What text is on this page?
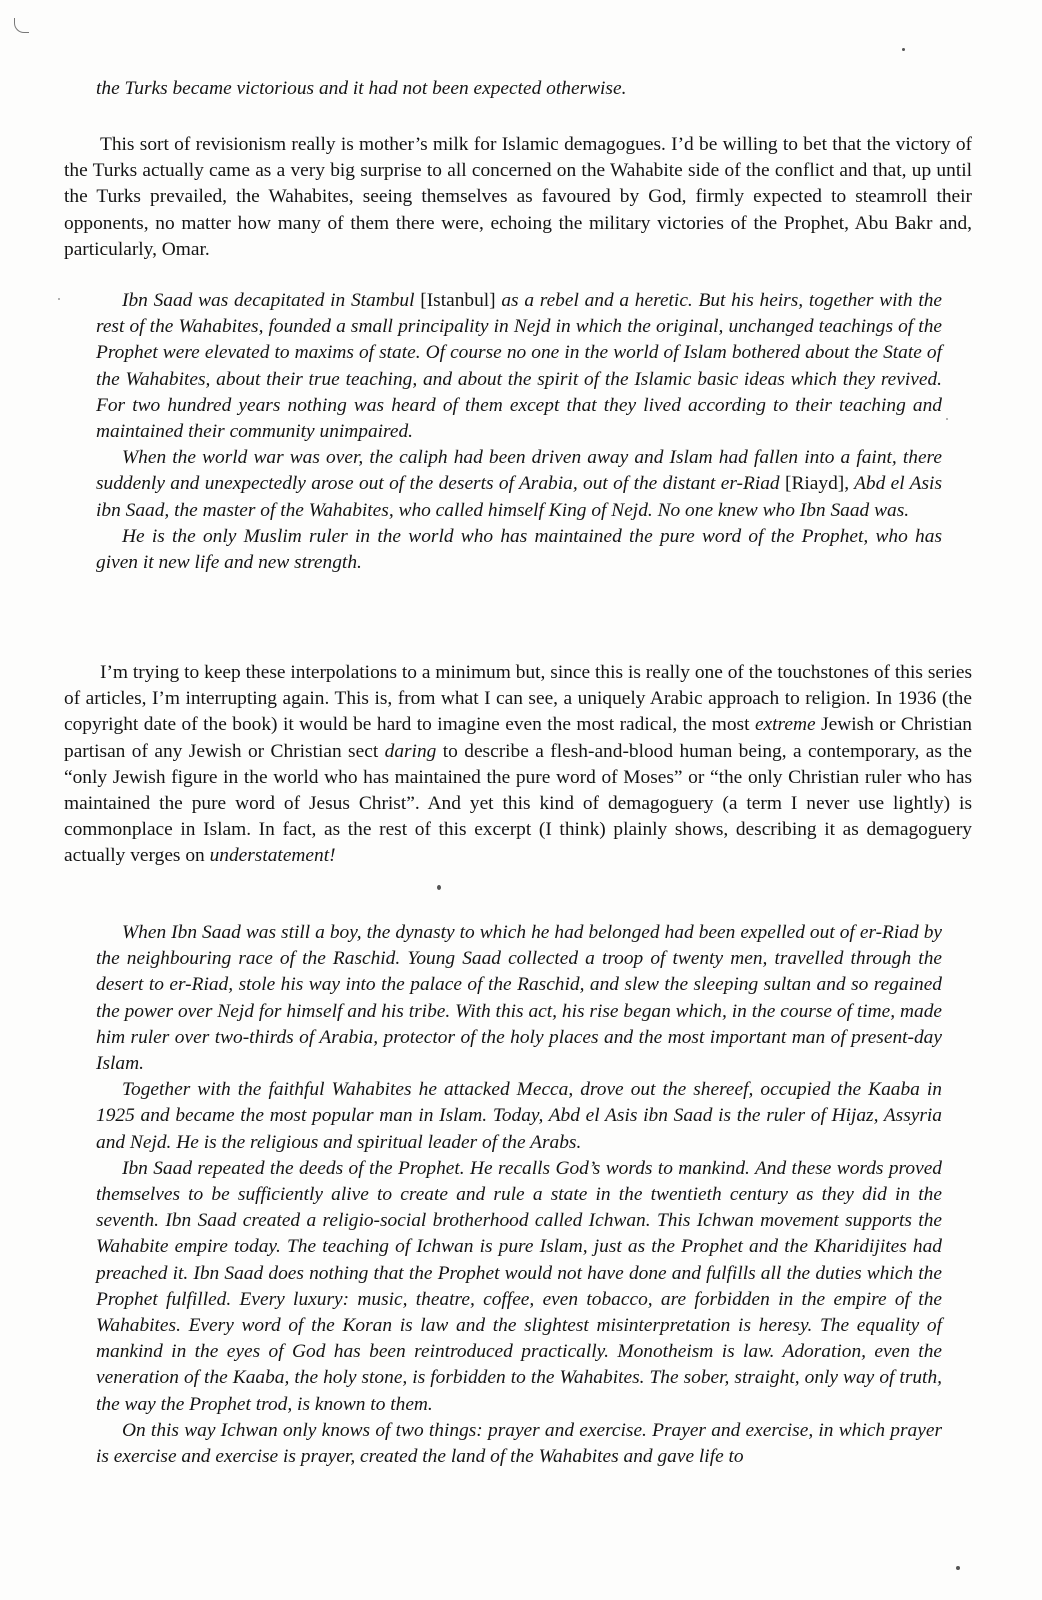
the Turks became victorious and it had not been expected otherwise.

This sort of revisionism really is mother’s milk for Islamic demagogues. I’d be willing to bet that the victory of the Turks actually came as a very big surprise to all concerned on the Wahabite side of the conflict and that, up until the Turks prevailed, the Wahabites, seeing themselves as favoured by God, firmly expected to steamroll their opponents, no matter how many of them there were, echoing the military victories of the Prophet, Abu Bakr and, particularly, Omar.

Ibn Saad was decapitated in Stambul [Istanbul] as a rebel and a heretic. But his heirs, together with the rest of the Wahabites, founded a small principality in Nejd in which the original, unchanged teachings of the Prophet were elevated to maxims of state. Of course no one in the world of Islam bothered about the State of the Wahabites, about their true teaching, and about the spirit of the Islamic basic ideas which they revived. For two hundred years nothing was heard of them except that they lived according to their teaching and maintained their community unimpaired.

When the world war was over, the caliph had been driven away and Islam had fallen into a faint, there suddenly and unexpectedly arose out of the deserts of Arabia, out of the distant er-Riad [Riayd], Abd el Asis ibn Saad, the master of the Wahabites, who called himself King of Nejd. No one knew who Ibn Saad was.

He is the only Muslim ruler in the world who has maintained the pure word of the Prophet, who has given it new life and new strength.

I’m trying to keep these interpolations to a minimum but, since this is really one of the touchstones of this series of articles, I’m interrupting again. This is, from what I can see, a uniquely Arabic approach to religion. In 1936 (the copyright date of the book) it would be hard to imagine even the most radical, the most extreme Jewish or Christian partisan of any Jewish or Christian sect daring to describe a flesh-and-blood human being, a contemporary, as the “only Jewish figure in the world who has maintained the pure word of Moses” or “the only Christian ruler who has maintained the pure word of Jesus Christ”. And yet this kind of demagoguery (a term I never use lightly) is commonplace in Islam. In fact, as the rest of this excerpt (I think) plainly shows, describing it as demagoguery actually verges on understatement!

When Ibn Saad was still a boy, the dynasty to which he had belonged had been expelled out of er-Riad by the neighbouring race of the Raschid. Young Saad collected a troop of twenty men, travelled through the desert to er-Riad, stole his way into the palace of the Raschid, and slew the sleeping sultan and so regained the power over Nejd for himself and his tribe. With this act, his rise began which, in the course of time, made him ruler over two-thirds of Arabia, protector of the holy places and the most important man of present-day Islam.

Together with the faithful Wahabites he attacked Mecca, drove out the shereef, occupied the Kaaba in 1925 and became the most popular man in Islam. Today, Abd el Asis ibn Saad is the ruler of Hijaz, Assyria and Nejd. He is the religious and spiritual leader of the Arabs.

Ibn Saad repeated the deeds of the Prophet. He recalls God’s words to mankind. And these words proved themselves to be sufficiently alive to create and rule a state in the twentieth century as they did in the seventh. Ibn Saad created a religio-social brotherhood called Ichwan. This Ichwan movement supports the Wahabite empire today. The teaching of Ichwan is pure Islam, just as the Prophet and the Kharidijites had preached it. Ibn Saad does nothing that the Prophet would not have done and fulfills all the duties which the Prophet fulfilled. Every luxury: music, theatre, coffee, even tobacco, are forbidden in the empire of the Wahabites. Every word of the Koran is law and the slightest misinterpretation is heresy. The equality of mankind in the eyes of God has been reintroduced practically. Monotheism is law. Adoration, even the veneration of the Kaaba, the holy stone, is forbidden to the Wahabites. The sober, straight, only way of truth, the way the Prophet trod, is known to them.

On this way Ichwan only knows of two things: prayer and exercise. Prayer and exercise, in which prayer is exercise and exercise is prayer, created the land of the Wahabites and gave life to
